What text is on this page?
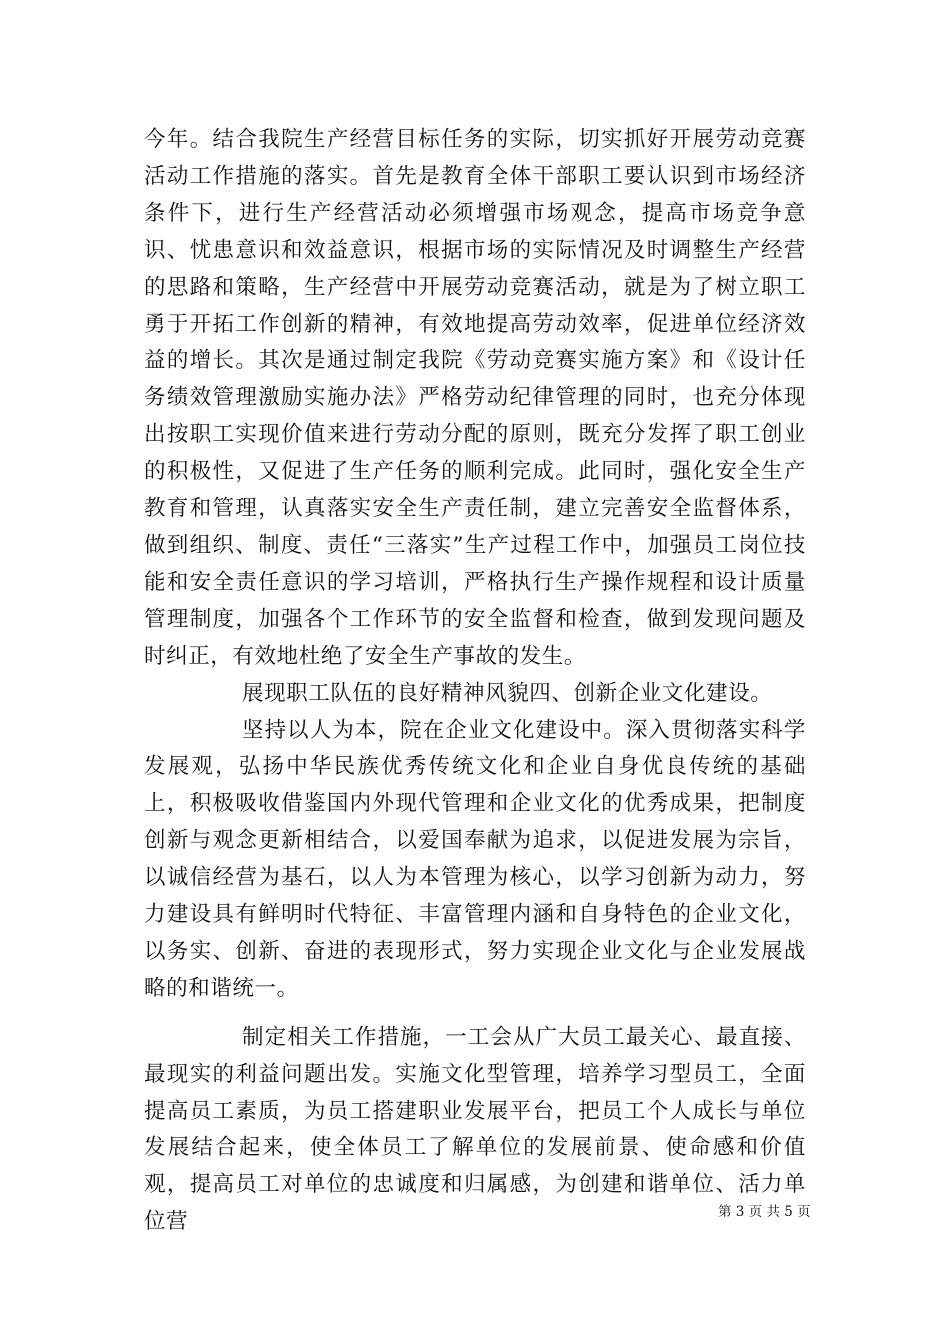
今年。结合我院生产经营目标任务的实际，切实抓好开展劳动竞赛活动工作措施的落实。首先是教育全体干部职工要认识到市场经济条件下，进行生产经营活动必须增强市场观念，提高市场竞争意识、忧患意识和效益意识，根据市场的实际情况及时调整生产经营的思路和策略，生产经营中开展劳动竞赛活动，就是为了树立职工勇于开拓工作创新的精神，有效地提高劳动效率，促进单位经济效益的增长。其次是通过制定我院《劳动竞赛实施方案》和《设计任务绩效管理激励实施办法》严格劳动纪律管理的同时，也充分体现出按职工实现价值来进行劳动分配的原则，既充分发挥了职工创业的积极性，又促进了生产任务的顺利完成。此同时，强化安全生产教育和管理，认真落实安全生产责任制，建立完善安全监督体系，做到组织、制度、责任“三落实”生产过程工作中，加强员工岗位技能和安全责任意识的学习培训，严格执行生产操作规程和设计质量管理制度，加强各个工作环节的安全监督和检查，做到发现问题及时纠正，有效地杜绝了安全生产事故的发生。

展现职工队伍的良好精神风貌四、创新企业文化建设。

坚持以人为本，院在企业文化建设中。深入贯彻落实科学发展观，弘扬中华民族优秀传统文化和企业自身优良传统的基础上，积极吸收借鉴国内外现代管理和企业文化的优秀成果，把制度创新与观念更新相结合，以爱国奉献为追求，以促进发展为宗旨，以诚信经营为基石，以人为本管理为核心，以学习创新为动力，努力建设具有鲜明时代特征、丰富管理内涵和自身特色的企业文化，以务实、创新、奋进的表现形式，努力实现企业文化与企业发展战略的和谐统一。

制定相关工作措施，一工会从广大员工最关心、最直接、最现实的利益问题出发。实施文化型管理，培养学习型员工，全面提高员工素质，为员工搭建职业发展平台，把员工个人成长与单位发展结合起来，使全体员工了解单位的发展前景、使命感和价值观，提高员工对单位的忠诚度和归属感，为创建和谐单位、活力单位营	第 3 页 共 5 页
